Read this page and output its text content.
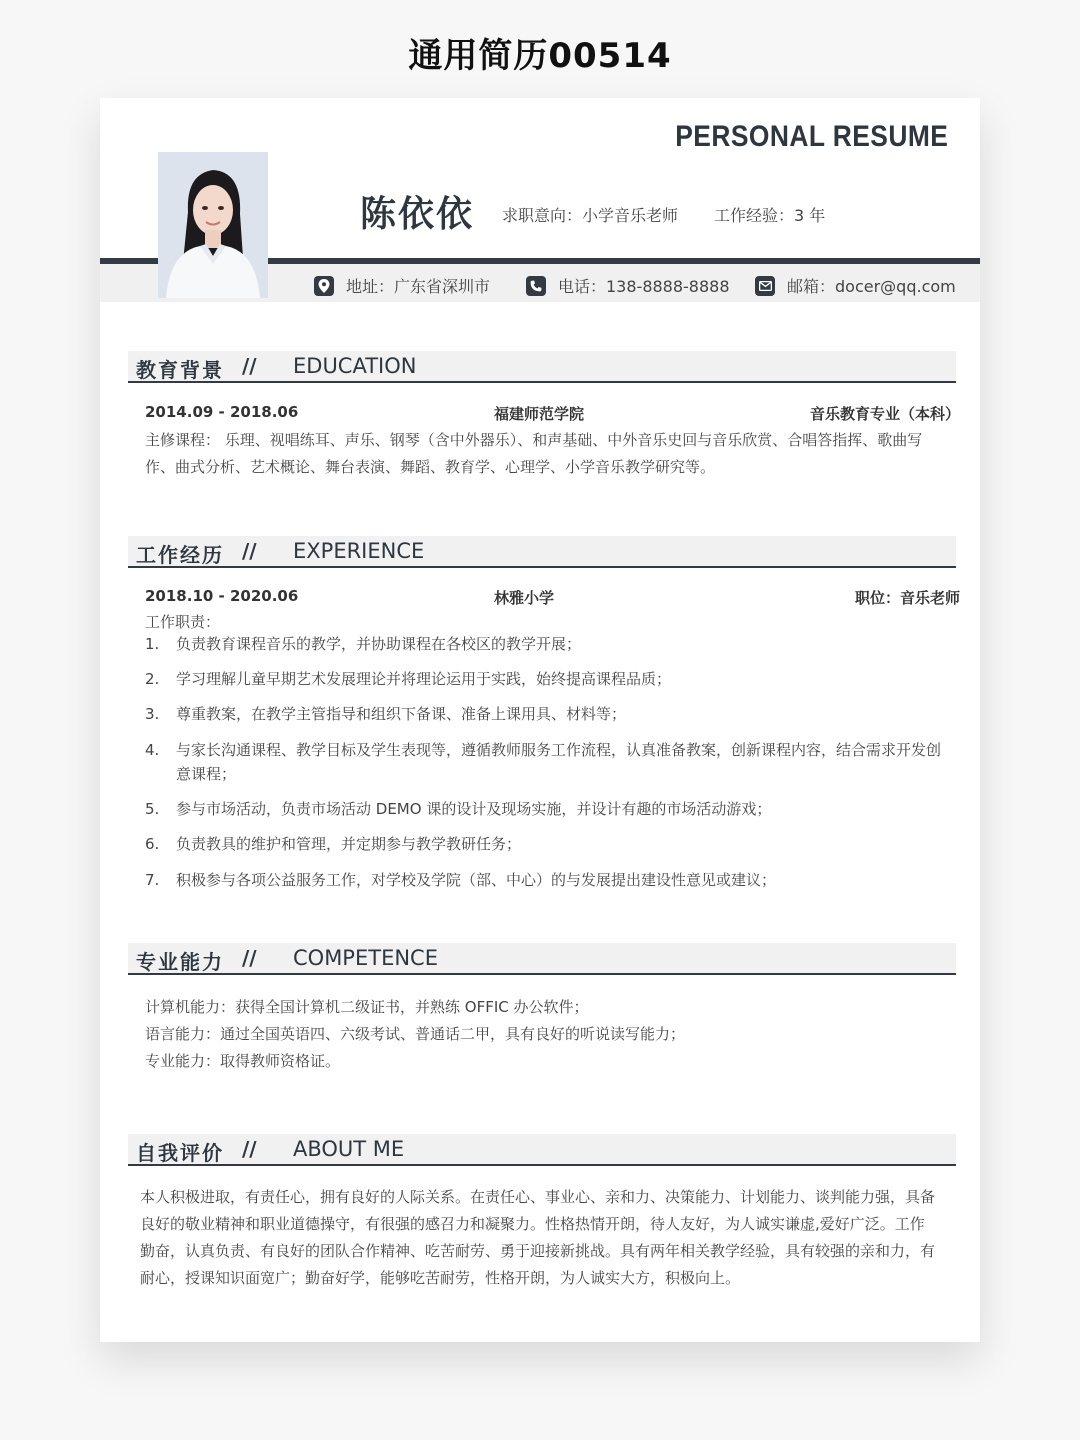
通用简历00514
PERSONAL RESUME
陈依依 求职意向：小学音乐老师 工作经验：3 年
地址：广东省深圳市	电话：138-8888-8888	邮箱：docer@qq.com
教育背景 // EDUCATION
2014.09 - 2018.06	福建师范学院	音乐教育专业（本科）
主修课程： 乐理、视唱练耳、声乐、钢琴（含中外器乐）、和声基础、中外音乐史回与音乐欣赏、合唱答指挥、歌曲写
作、曲式分析、艺术概论、舞台表演、舞蹈、教育学、心理学、小学音乐教学研究等。
工作经历 // EXPERIENCE
2018.10 - 2020.06	林雅小学	职位：音乐老师
工作职责：
1. 负责教育课程音乐的教学，并协助课程在各校区的教学开展；
2. 学习理解儿童早期艺术发展理论并将理论运用于实践，始终提高课程品质；
3. 尊重教案，在教学主管指导和组织下备课、准备上课用具、材料等；
4. 与家长沟通课程、教学目标及学生表现等，遵循教师服务工作流程，认真准备教案，创新课程内容，结合需求开发创
意课程；
5. 参与市场活动，负责市场活动 DEMO 课的设计及现场实施，并设计有趣的市场活动游戏；
6. 负责教具的维护和管理，并定期参与教学教研任务；
7. 积极参与各项公益服务工作，对学校及学院（部、中心）的与发展提出建设性意见或建议；
专业能力 // COMPETENCE
计算机能力：获得全国计算机二级证书，并熟练 OFFIC 办公软件；
语言能力：通过全国英语四、六级考试、普通话二甲，具有良好的听说读写能力；
专业能力：取得教师资格证。
自我评价 // ABOUT ME
本人积极进取，有责任心，拥有良好的人际关系。在责任心、事业心、亲和力、决策能力、计划能力、谈判能力强，具备
良好的敬业精神和职业道德操守，有很强的感召力和凝聚力。性格热情开朗，待人友好，为人诚实谦虚,爱好广泛。工作
勤奋，认真负责、有良好的团队合作精神、吃苦耐劳、勇于迎接新挑战。具有两年相关教学经验，具有较强的亲和力，有
耐心，授课知识面宽广；勤奋好学，能够吃苦耐劳，性格开朗，为人诚实大方，积极向上。
